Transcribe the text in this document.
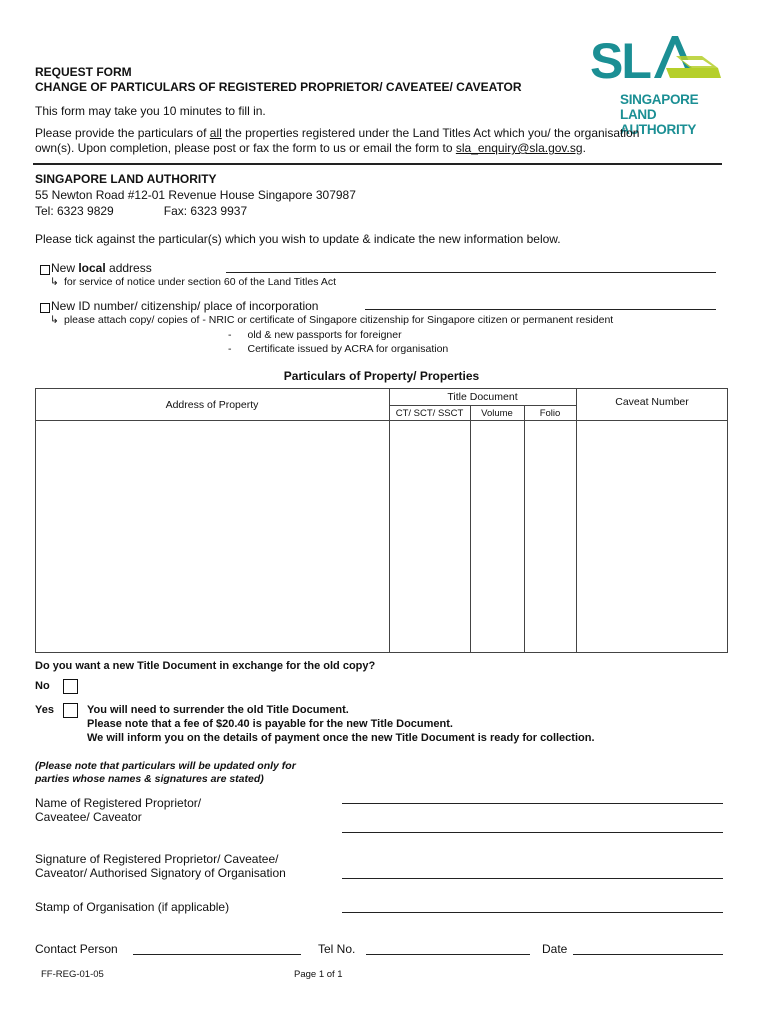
SL
SINGAPORE
LAND AUTHORITY
REQUEST FORM
CHANGE OF PARTICULARS OF REGISTERED PROPRIETOR/ CAVEATEE/ CAVEATOR
This form may take you 10 minutes to fill in.
Please provide the particulars of all the properties registered under the Land Titles Act which you/ the organisation
own(s). Upon completion, please post or fax the form to us or email the form to sla_enquiry@sla.gov.sg.
SINGAPORE LAND AUTHORITY
55 Newton Road #12-01 Revenue House Singapore 307987
Tel: 6323 9829	Fax: 6323 9937
Please tick against the particular(s) which you wish to update & indicate the new information below.
New local address
↳ for service of notice under section 60 of the Land Titles Act
New ID number/ citizenship/ place of incorporation
↳ please attach copy/ copies of - NRIC or certificate of Singapore citizenship for Singapore citizen or permanent resident
- old & new passports for foreigner
- Certificate issued by ACRA for organisation
Particulars of Property/ Properties
Address of Property
Title Document
CT/ SCT/ SSCT	Volume	Folio
Caveat Number
Do you want a new Title Document in exchange for the old copy?
No
Yes	You will need to surrender the old Title Document.
Please note that a fee of $20.40 is payable for the new Title Document.
We will inform you on the details of payment once the new Title Document is ready for collection.
(Please note that particulars will be updated only for
parties whose names & signatures are stated)
Name of Registered Proprietor/
Caveatee/ Caveator
Signature of Registered Proprietor/ Caveatee/
Caveator/ Authorised Signatory of Organisation
Stamp of Organisation (if applicable)
Contact Person	Tel No.	Date
FF-REG-01-05	Page 1 of 1
